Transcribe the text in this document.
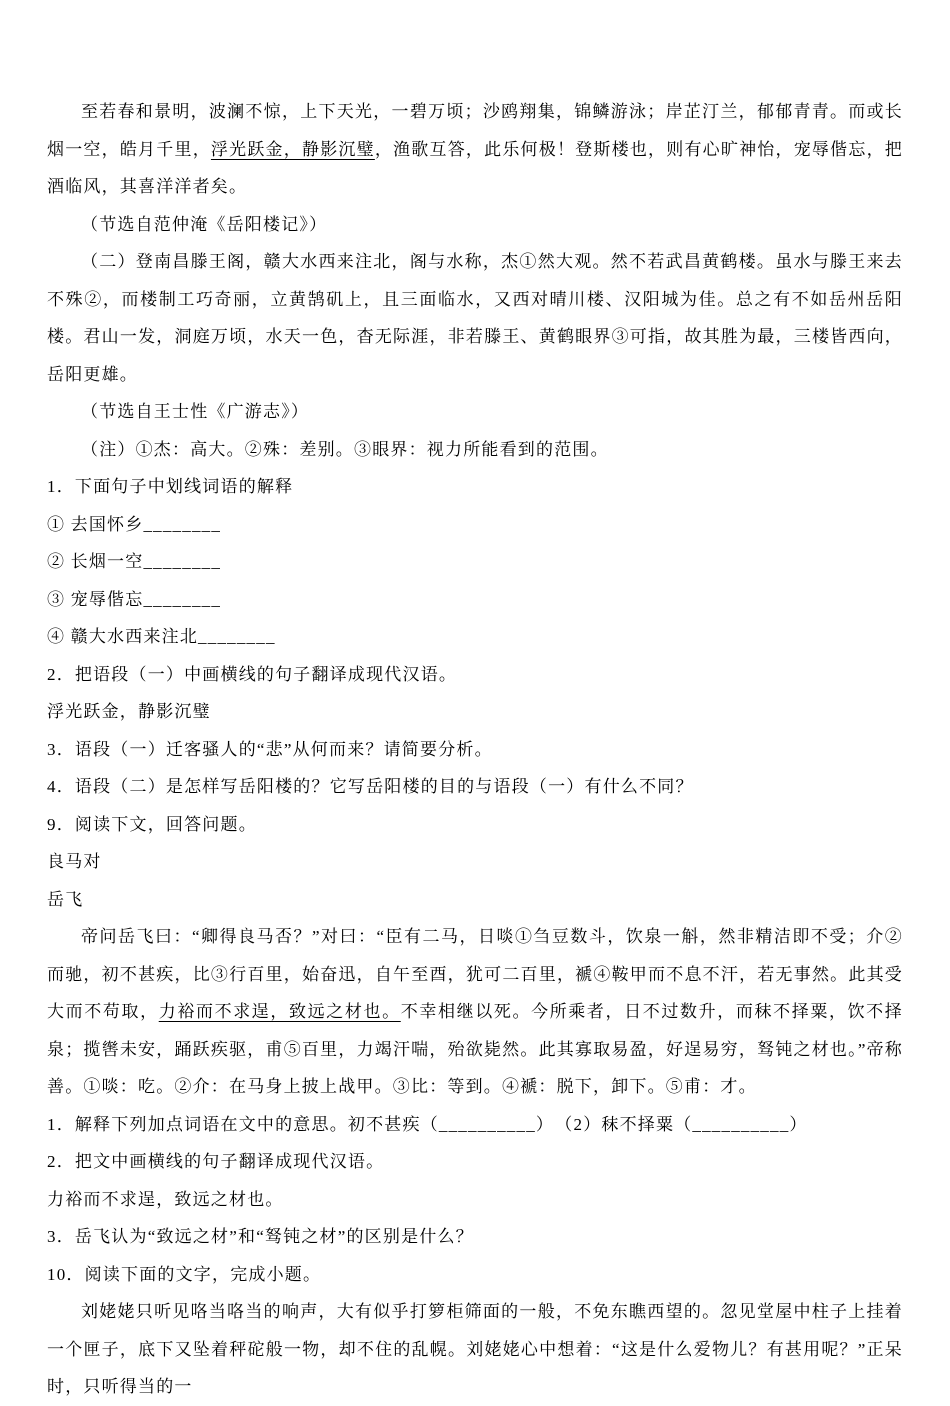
至若春和景明，波澜不惊，上下天光，一碧万顷；沙鸥翔集，锦鳞游泳；岸芷汀兰，郁郁青青。而或长烟一空，皓月千里，浮光跃金，静影沉璧，渔歌互答，此乐何极！登斯楼也，则有心旷神怡，宠辱偕忘，把酒临风，其喜洋洋者矣。

（节选自范仲淹《岳阳楼记》）

（二）登南昌滕王阁，赣大水西来注北，阁与水称，杰①然大观。然不若武昌黄鹤楼。虽水与滕王来去不殊②，而楼制工巧奇丽，立黄鹄矶上，且三面临水，又西对晴川楼、汉阳城为佳。总之有不如岳州岳阳楼。君山一发，洞庭万顷，水天一色，杳无际涯，非若滕王、黄鹤眼界③可指，故其胜为最，三楼皆西向，岳阳更雄。

（节选自王士性《广游志》）

（注）①杰：高大。②殊：差别。③眼界：视力所能看到的范围。

1．下面句子中划线词语的解释

① 去国怀乡________

② 长烟一空________

③ 宠辱偕忘________

④ 赣大水西来注北________

2．把语段（一）中画横线的句子翻译成现代汉语。

浮光跃金，静影沉璧

3．语段（一）迁客骚人的“悲”从何而来？请简要分析。

4．语段（二）是怎样写岳阳楼的？它写岳阳楼的目的与语段（一）有什么不同？

9．阅读下文，回答问题。

良马对

岳飞

帝问岳飞曰：“卿得良马否？”对曰：“臣有二马，日啖①刍豆数斗，饮泉一斛，然非精洁即不受；介②而驰，初不甚疾，比③行百里，始奋迅，自午至酉，犹可二百里，褫④鞍甲而不息不汗，若无事然。此其受大而不苟取，力裕而不求逞，致远之材也。不幸相继以死。今所乘者，日不过数升，而秣不择粟，饮不择泉；揽辔未安，踊跃疾驱，甫⑤百里，力竭汗喘，殆欲毙然。此其寡取易盈，好逞易穷，驽钝之材也。”帝称善。①啖：吃。②介：在马身上披上战甲。③比：等到。④褫：脱下，卸下。⑤甫：才。

1．解释下列加点词语在文中的意思。初不甚疾（__________）　（2）秣不择粟（__________）

2．把文中画横线的句子翻译成现代汉语。

力裕而不求逞，致远之材也。

3．岳飞认为“致远之材”和“驽钝之材”的区别是什么？

10．阅读下面的文字，完成小题。

刘姥姥只听见咯当咯当的响声，大有似乎打箩柜筛面的一般，不免东瞧西望的。忽见堂屋中柱子上挂着一个匣子，底下又坠着秤砣般一物，却不住的乱幌。刘姥姥心中想着：“这是什么爱物儿？有甚用呢？”正呆时，只听得当的一
